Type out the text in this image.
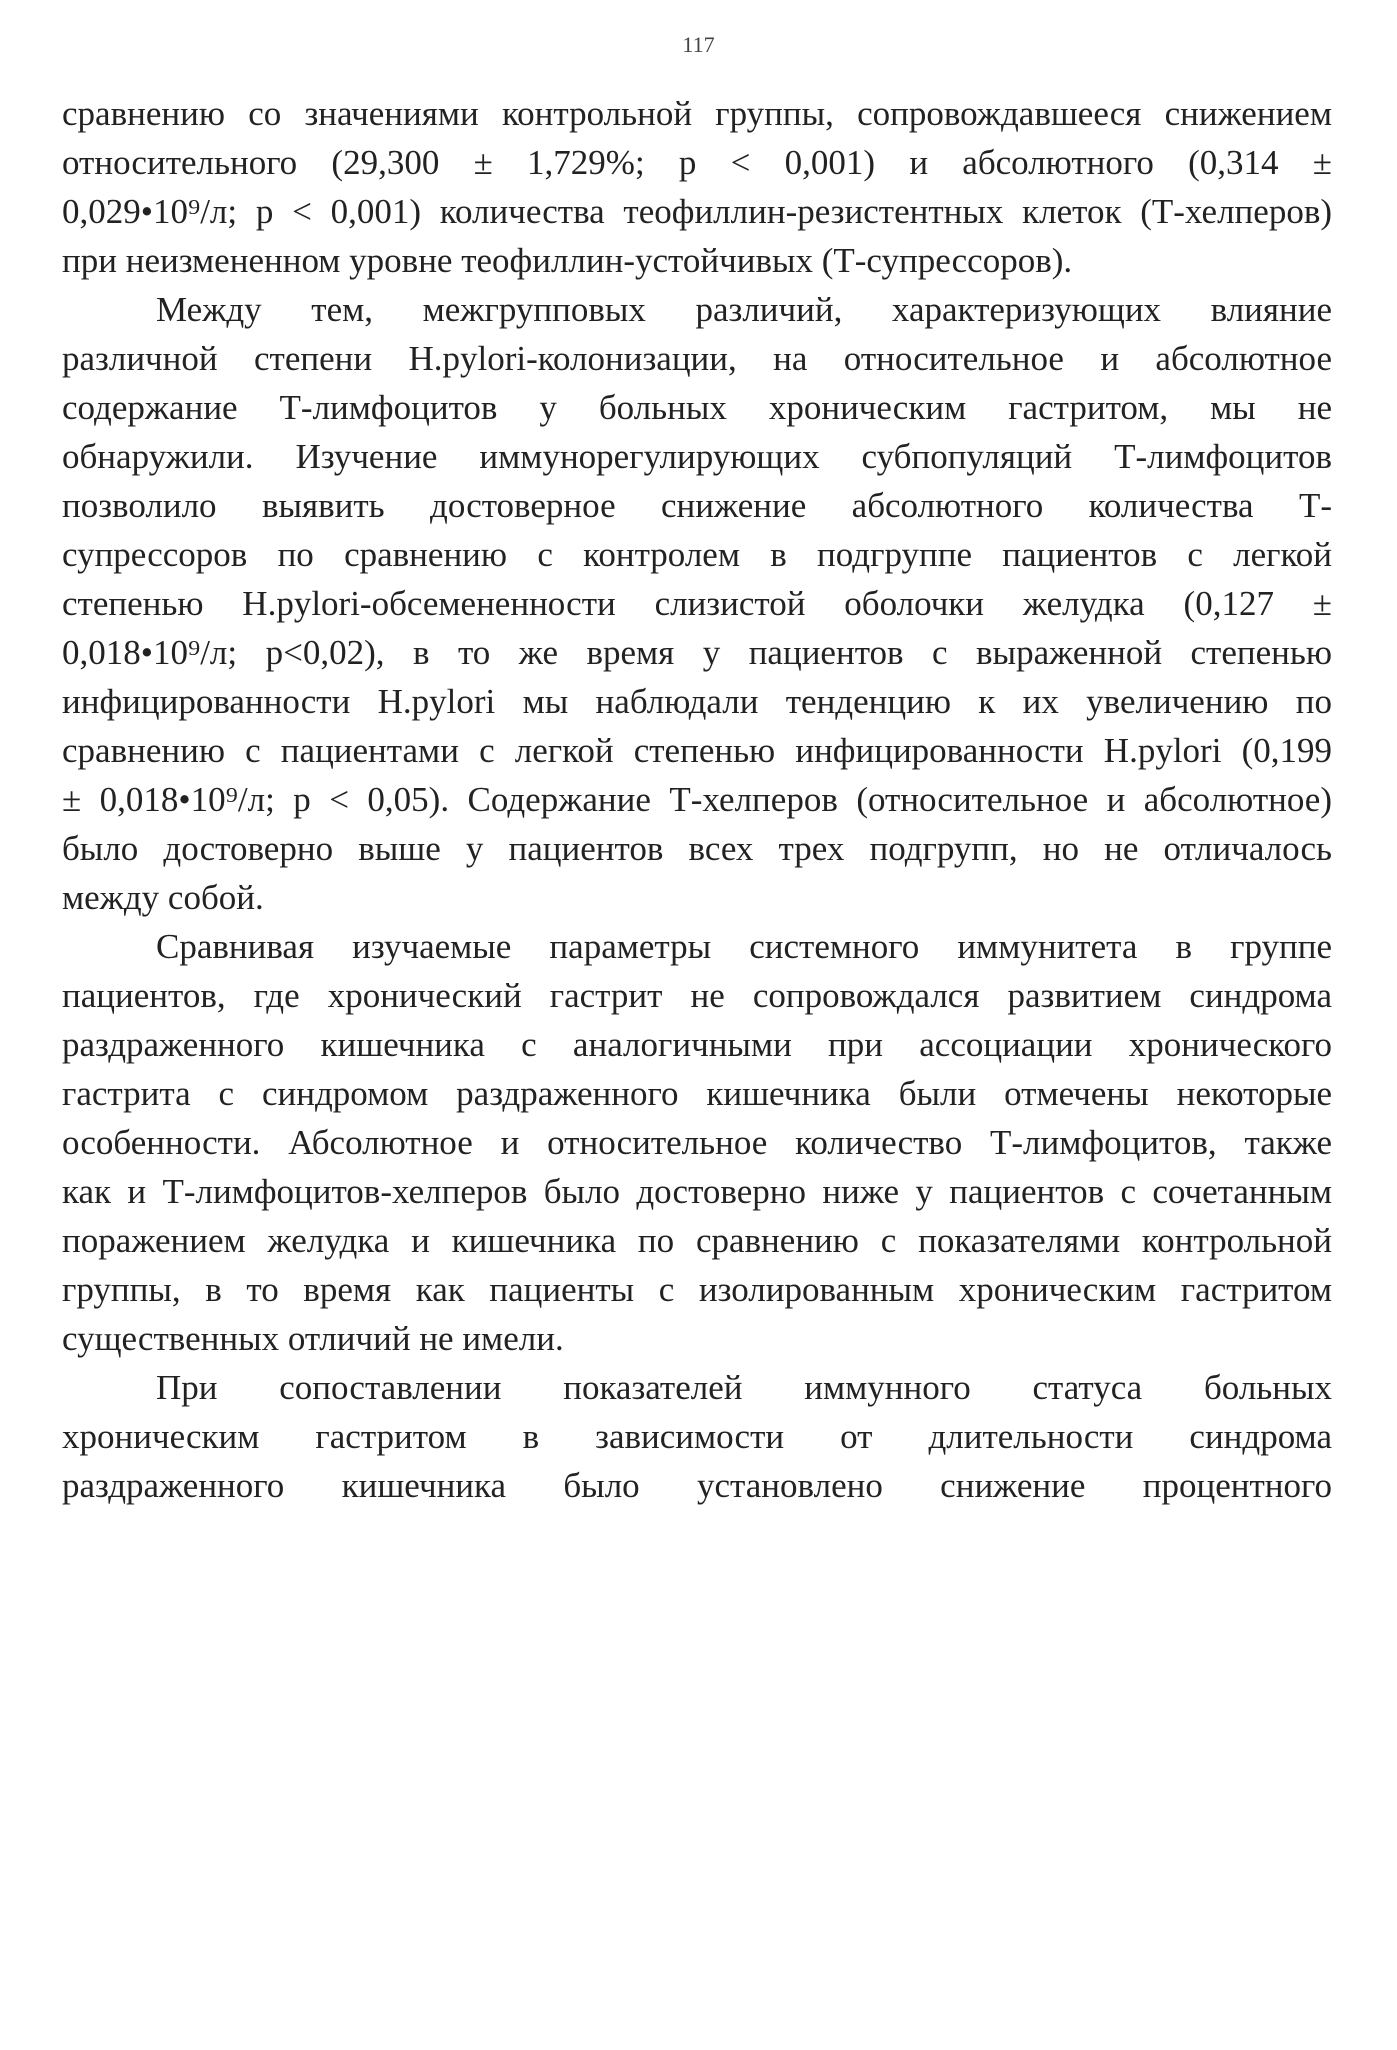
117
сравнению со значениями контрольной группы, сопровождавшееся снижением
относительного (29,300 ± 1,729%; p < 0,001) и абсолютного (0,314 ±
0,029•10⁹/л; p < 0,001) количества теофиллин-резистентных клеток (Т-хелперов)
при неизмененном уровне теофиллин-устойчивых (Т-супрессоров).
Между тем, межгрупповых различий, характеризующих влияние
различной степени H.pylori-колонизации, на относительное и абсолютное
содержание Т-лимфоцитов у больных хроническим гастритом, мы не
обнаружили. Изучение иммунорегулирующих субпопуляций Т-лимфоцитов
позволило выявить достоверное снижение абсолютного количества Т-
супрессоров по сравнению с контролем в подгруппе пациентов с легкой
степенью H.pylori-обсемененности слизистой оболочки желудка (0,127 ±
0,018•10⁹/л; p<0,02), в то же время у пациентов с выраженной степенью
инфицированности H.pylori мы наблюдали тенденцию к их увеличению по
сравнению с пациентами с легкой степенью инфицированности H.pylori (0,199
± 0,018•10⁹/л; p < 0,05). Содержание Т-хелперов (относительное и абсолютное)
было достоверно выше у пациентов всех трех подгрупп, но не отличалось
между собой.
Сравнивая изучаемые параметры системного иммунитета в группе
пациентов, где хронический гастрит не сопровождался развитием синдрома
раздраженного кишечника с аналогичными при ассоциации хронического
гастрита с синдромом раздраженного кишечника были отмечены некоторые
особенности. Абсолютное и относительное количество Т-лимфоцитов, также
как и Т-лимфоцитов-хелперов было достоверно ниже у пациентов с сочетанным
поражением желудка и кишечника по сравнению с показателями контрольной
группы, в то время как пациенты с изолированным хроническим гастритом
существенных отличий не имели.
При сопоставлении показателей иммунного статуса больных
хроническим гастритом в зависимости от длительности синдрома
раздраженного кишечника было установлено снижение процентного
